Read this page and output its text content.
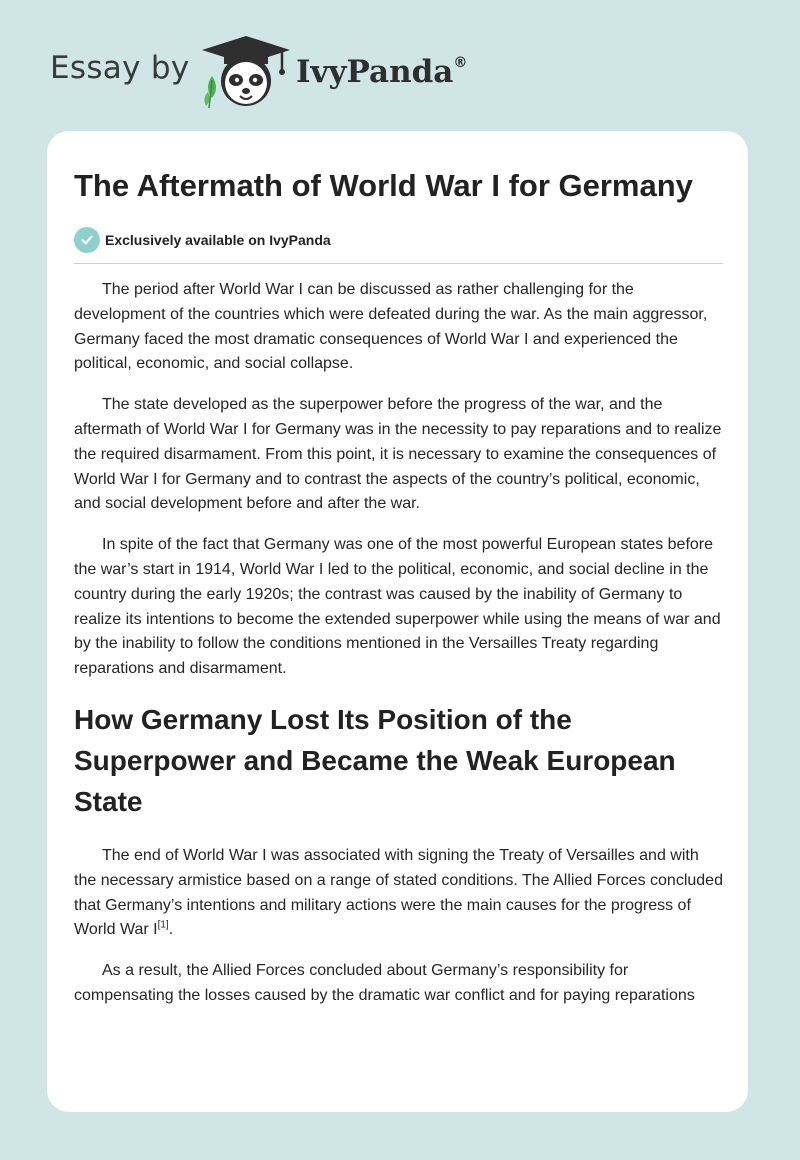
Essay by	IvyPanda®
The Aftermath of World War I for Germany
Exclusively available on IvyPanda

The period after World War I can be discussed as rather challenging for the development of the countries which were defeated during the war. As the main aggressor, Germany faced the most dramatic consequences of World War I and experienced the political, economic, and social collapse.

The state developed as the superpower before the progress of the war, and the aftermath of World War I for Germany was in the necessity to pay reparations and to realize the required disarmament. From this point, it is necessary to examine the consequences of World War I for Germany and to contrast the aspects of the country’s political, economic, and social development before and after the war.

In spite of the fact that Germany was one of the most powerful European states before the war’s start in 1914, World War I led to the political, economic, and social decline in the country during the early 1920s; the contrast was caused by the inability of Germany to realize its intentions to become the extended superpower while using the means of war and by the inability to follow the conditions mentioned in the Versailles Treaty regarding reparations and disarmament.

How Germany Lost Its Position of the Superpower and Became the Weak European State

The end of World War I was associated with signing the Treaty of Versailles and with the necessary armistice based on a range of stated conditions. The Allied Forces concluded that Germany’s intentions and military actions were the main causes for the progress of World War I[1].

As a result, the Allied Forces concluded about Germany’s responsibility for compensating the losses caused by the dramatic war conflict and for paying reparations
